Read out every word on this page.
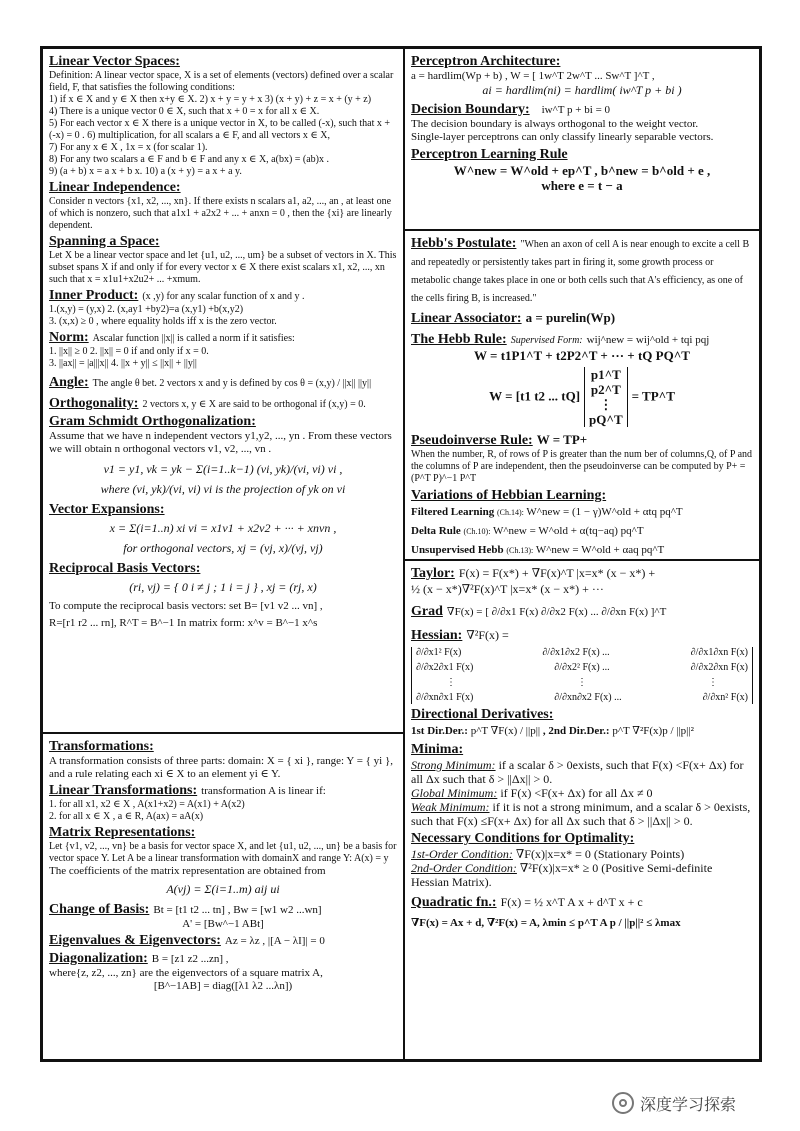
Linear Vector Spaces:

Definition: A linear vector space, X is a set of elements (vectors) defined over a scalar field, F, that satisfies the following conditions:

1) if x ∈ X and y ∈ X then x+y ∈ X. 2) x + y = y + x 3) (x + y) + z = x + (y + z)

4) There is a unique vector 0 ∈ X, such that x + 0 = x for all x ∈ X.

5) For each vector x ∈ X there is a unique vector in X, to be called (-x), such that x + (-x) = 0 . 6) multiplication, for all scalars a ∈ F, and all vectors x ∈ X,

7) For any x ∈ X , 1x = x (for scalar 1).

8) For any two scalars a ∈ F and b ∈ F and any x ∈ X, a(bx) = (ab)x .

9) (a + b) x = a x + b x. 10) a (x + y) = a x + a y.

Linear Independence:

Consider n vectors {x1, x2, ..., xn}. If there exists n scalars a1, a2, ..., an , at least one of which is nonzero, such that a1x1 + a2x2 + ... + anxn = 0 , then the {xi} are linearly dependent.

Spanning a Space:

Let X be a linear vector space and let {u1, u2, ..., um} be a subset of vectors in X. This subset spans X if and only if for every vector x ∈ X there exist scalars x1, x2, ..., xn such that x = x1u1+x2u2+ ... +xmum.

Inner Product: (x ,y) for any scalar function of x and y .

1.(x,y) = (y,x) 2. (x,ay1 +by2)=a (x,y1) +b(x,y2)

3. (x,x) ≥ 0 , where equality holds iff x is the zero vector.

Norm: Ascalar function ||x|| is called a norm if it satisfies:

1. ||x|| ≥ 0 2. ||x|| = 0 if and only if x = 0.

3. ||ax|| = |a|||x|| 4. ||x + y|| ≤ ||x|| + ||y||

Angle: The angle θ bet. 2 vectors x and y is defined by cos θ = (x,y) / ||x|| ||y||
Orthogonality: 2 vectors x, y ∈ X are said to be orthogonal if (x,y) = 0.
Gram Schmidt Orthogonalization:

Assume that we have n independent vectors y1,y2, ..., yn . From these vectors we will obtain n orthogonal vectors v1, v2, ..., vn .

v1 = y1, vk = yk − Σ(i=1..k−1) (vi, yk)/(vi, vi) vi ,

where (vi, yk)/(vi, vi) vi is the projection of yk on vi

Vector Expansions:

x = Σ(i=1..n) xi vi = x1v1 + x2v2 + ··· + xnvn ,

for orthogonal vectors, xj = (vj, x)/(vj, vj)

Reciprocal Basis Vectors:

(ri, vj) = { 0 i ≠ j ; 1 i = j } , xj = (rj, x)

To compute the reciprocal basis vectors: set B= [v1 v2 ... vn] ,

R=[r1 r2 ... rn], R^T = B^−1 In matrix form: x^v = B^−1 x^s

Transformations:

A transformation consists of three parts: domain: X = { xi }, range: Y = { yi }, and a rule relating each xi ∈ X to an element yi ∈ Y.

Linear Transformations: transformation A is linear if:

1. for all x1, x2 ∈ X , A(x1+x2) = A(x1) + A(x2)

2. for all x ∈ X , a ∈ R, A(ax) = aA(x)

Matrix Representations:

Let {v1, v2, ..., vn} be a basis for vector space X, and let {u1, u2, ..., un} be a basis for vector space Y. Let A be a linear transformation with domainX and range Y: A(x) = y

The coefficients of the matrix representation are obtained from

A(vj) = Σ(i=1..m) aij ui

Change of Basis: Bt = [t1 t2 ... tn] , Bw = [w1 w2 ...wn]

A' = [Bw^−1 ABt]

Eigenvalues & Eigenvectors: Az = λz , |[A − λI]| = 0
Diagonalization: B = [z1 z2 ...zn] ,

where{z, z2, ..., zn} are the eigenvectors of a square matrix A,

[B^−1AB] = diag([λ1 λ2 ...λn])

Perceptron Architecture:

a = hardlim(Wp + b) , W = [ 1w^T 2w^T ... Sw^T ]^T ,

ai = hardlim(ni) = hardlim( iw^T p + bi )

Decision Boundary: iw^T p + bi = 0

The decision boundary is always orthogonal to the weight vector.

Single-layer perceptrons can only classify linearly separable vectors.

Perceptron Learning Rule

W^new = W^old + ep^T , b^new = b^old + e ,

where e = t − a

Hebb's Postulate: "When an axon of cell A is near enough to excite a cell B and repeatedly or persistently takes part in firing it, some growth process or metabolic change takes place in one or both cells such that A's efficiency, as one of the cells firing B, is increased."
Linear Associator: a = purelin(Wp)
The Hebb Rule: Supervised Form: wij^new = wij^old + tqi pqj

W = t1P1^T + t2P2^T + ··· + tQ PQ^T

W = [t1 t2 ... tQ]
p1^T
p2^T
⋮
pQ^T
= TP^T
Pseudoinverse Rule: W = TP+

When the number, R, of rows of P is greater than the num ber of columns,Q, of P and the columns of P are independent, then the pseudoinverse can be computed by P+ = (P^T P)^−1 P^T

Variations of Hebbian Learning:
Filtered Learning (Ch.14): W^new = (1 − γ)W^old + αtq pq^T
Delta Rule (Ch.10): W^new = W^old + α(tq−aq) pq^T
Unsupervised Hebb (Ch.13): W^new = W^old + αaq pq^T
Taylor: F(x) = F(x*) + ∇F(x)^T |x=x* (x − x*) +

½ (x − x*)∇²F(x)^T |x=x* (x − x*) + ···

Grad ∇F(x) = [ ∂/∂x1 F(x) ∂/∂x2 F(x) ... ∂/∂xn F(x) ]^T
Hessian: ∇²F(x) =
∂/∂x1² F(x)	∂/∂x1∂x2 F(x) ...	∂/∂x1∂xn F(x)
∂/∂x2∂x1 F(x)	∂/∂x2² F(x) ...	∂/∂x2∂xn F(x)
⋮	⋮	⋮
∂/∂xn∂x1 F(x)	∂/∂xn∂x2 F(x) ...	∂/∂xn² F(x)
Directional Derivatives:
1st Dir.Der.: p^T ∇F(x) / ||p|| , 2nd Dir.Der.: p^T ∇²F(x)p / ||p||²
Minima:

Strong Minimum: if a scalar δ > 0exists, such that F(x) <F(x+ Δx) for all Δx such that δ > ||Δx|| > 0.

Global Minimum: if F(x) <F(x+ Δx) for all Δx ≠ 0

Weak Minimum: if it is not a strong minimum, and a scalar δ > 0exists, such that F(x) ≤F(x+ Δx) for all Δx such that δ > ||Δx|| > 0.

Necessary Conditions for Optimality:

1st-Order Condition: ∇F(x)|x=x* = 0 (Stationary Points)

2nd-Order Condition: ∇²F(x)|x=x* ≥ 0 (Positive Semi-definite Hessian Matrix).

Quadratic fn.: F(x) = ½ x^T A x + d^T x + c

∇F(x) = Ax + d, ∇²F(x) = A, λmin ≤ p^T A p / ||p||² ≤ λmax

深度学习探索
